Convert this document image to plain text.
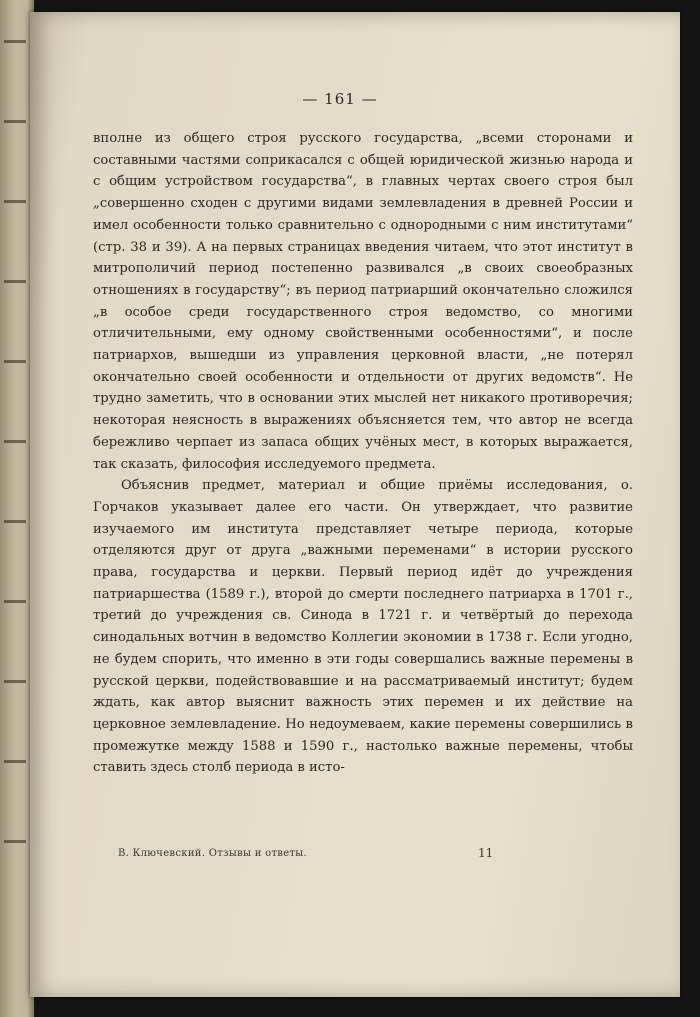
— 161 —

вполне из общего строя русского государства, „всеми сторонами и составными частями соприкасался с общей юридической жизнью народа и с общим устройством государства“, в главных чертах своего строя был „совершенно сходен с другими видами землевладения в древней России и имел особенности только сравнительно с однородными с ним институтами“ (стр. 38 и 39). А на первых страницах введения читаем, что этот институт в митрополичий период постепенно развивался „в своих своеобразных отношениях в государству“; въ период патриарший окончательно сложился „в особое среди государственного строя ведомство, со многими отличительными, ему одному свойственными особенностями“, и после патриархов, вышедши из управления церковной власти, „не потерял окончательно своей особенности и отдельности от других ведомств“. Не трудно заметить, что в основании этих мыслей нет никакого противоречия; некоторая неясность в выражениях объясняется тем, что автор не всегда бережливо черпает из запаса общих учёных мест, в которых выражается, так сказать, философия исследуемого предмета.

Объяснив предмет, материал и общие приёмы исследования, о. Горчаков указывает далее его части. Он утверждает, что развитие изучаемого им института представляет четыре периода, которые отделяются друг от друга „важными переменами“ в истории русского права, государства и церкви. Первый период идёт до учреждения патриаршества (1589 г.), второй до смерти последнего патриарха в 1701 г., третий до учреждения св. Синода в 1721 г. и четвёртый до перехода синодальных вотчин в ведомство Коллегии экономии в 1738 г. Если угодно, не будем спорить, что именно в эти годы совершались важные перемены в русской церкви, подействовавшие и на рассматриваемый институт; будем ждать, как автор выяснит важность этих перемен и их действие на церковное землевладение. Но недоумеваем, какие перемены совершились в промежутке между 1588 и 1590 г., настолько важные перемены, чтобы ставить здесь столб периода в исто-

В. Ключевский. Отзывы и ответы.	11
